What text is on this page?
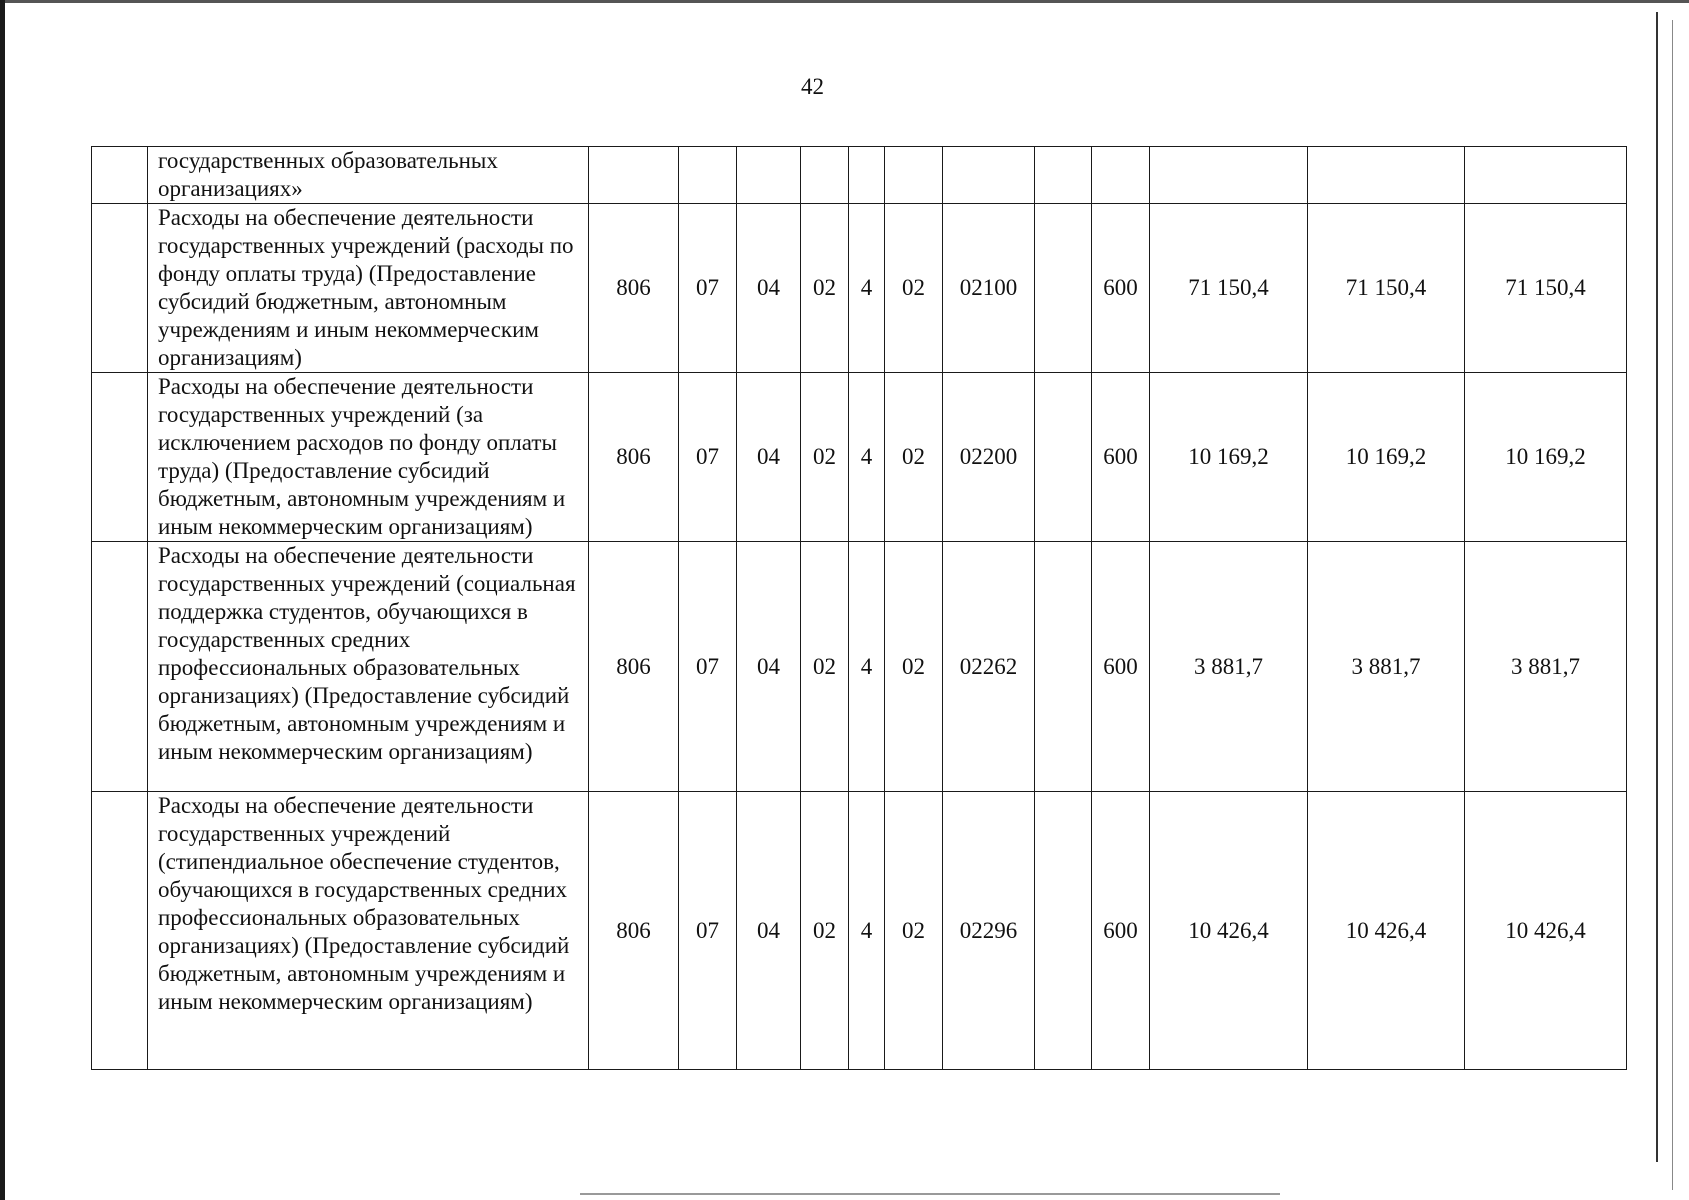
42
	государственных образовательных организациях»												
	Расходы на обеспечение деятельности государственных учреждений (расходы по фонду оплаты труда) (Предоставление субсидий бюджетным, автономным учреждениям и иным некоммерческим организациям)	806	07	04	02	4	02	02100		600	71 150,4	71 150,4	71 150,4
	Расходы на обеспечение деятельности государственных учреждений (за исключением расходов по фонду оплаты труда) (Предоставление субсидий бюджетным, автономным учреждениям и иным некоммерческим организациям)	806	07	04	02	4	02	02200		600	10 169,2	10 169,2	10 169,2
	Расходы на обеспечение деятельности государственных учреждений (социальная поддержка студентов, обучающихся в государственных средних профессиональных образовательных организациях) (Предоставление субсидий бюджетным, автономным учреждениям и иным некоммерческим организациям)	806	07	04	02	4	02	02262		600	3 881,7	3 881,7	3 881,7
	Расходы на обеспечение деятельности государственных учреждений (стипендиальное обеспечение студентов, обучающихся в государственных средних профессиональных образовательных организациях) (Предоставление субсидий бюджетным, автономным учреждениям и иным некоммерческим организациям)	806	07	04	02	4	02	02296		600	10 426,4	10 426,4	10 426,4
